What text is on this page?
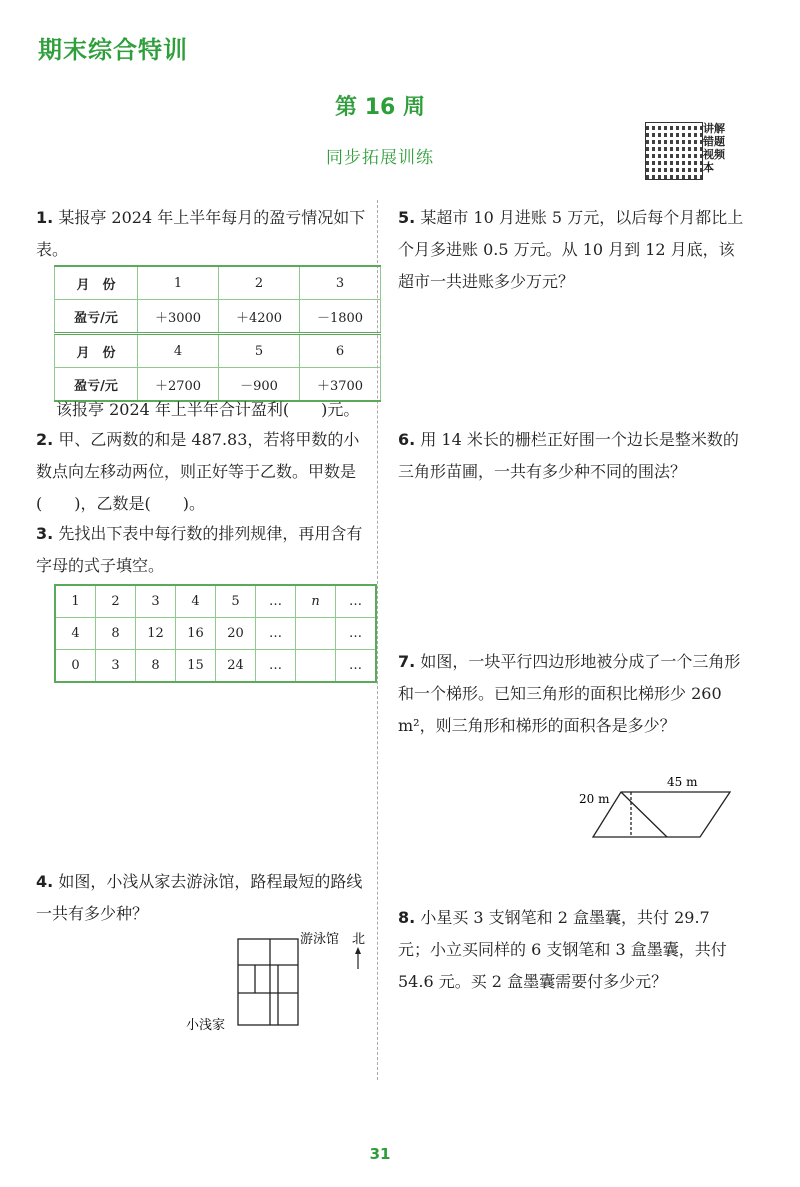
期末综合特训
第 16 周
同步拓展训练
讲解错题视频本
1. 某报亭 2024 年上半年每月的盈亏情况如下表。
月　份	1	2	3
盈亏/元	＋3000	＋4200	－1800
月　份	4	5	6
盈亏/元	＋2700	－900	＋3700
该报亭 2024 年上半年合计盈利(　　)元。
2. 甲、乙两数的和是 487.83，若将甲数的小数点向左移动两位，则正好等于乙数。甲数是(　　)，乙数是(　　)。
3. 先找出下表中每行数的排列规律，再用含有字母的式子填空。
1	2	3	4	5	…	n	…
4	8	12	16	20	…		…
0	3	8	15	24	…		…
4. 如图，小浅从家去游泳馆，路程最短的路线一共有多少种？
游泳馆 北
小浅家
5. 某超市 10 月进账 5 万元，以后每个月都比上个月多进账 0.5 万元。从 10 月到 12 月底，该超市一共进账多少万元？
6. 用 14 米长的栅栏正好围一个边长是整米数的三角形苗圃，一共有多少种不同的围法？
7. 如图，一块平行四边形地被分成了一个三角形和一个梯形。已知三角形的面积比梯形少 260 m²，则三角形和梯形的面积各是多少？
45 m
20 m
8. 小星买 3 支钢笔和 2 盒墨囊，共付 29.7 元；小立买同样的 6 支钢笔和 3 盒墨囊，共付 54.6 元。买 2 盒墨囊需要付多少元？
31
